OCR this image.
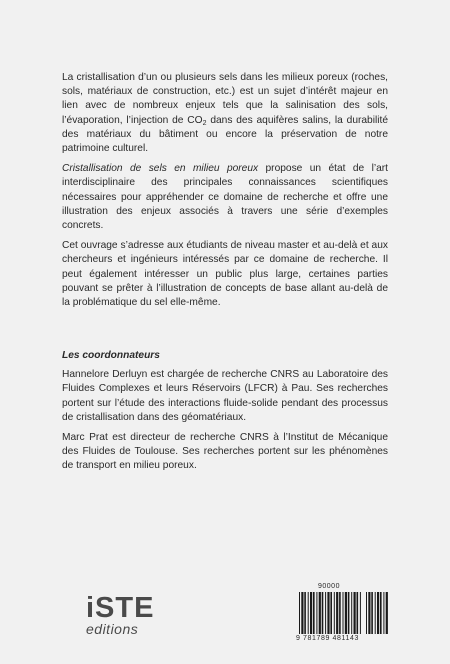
La cristallisation d’un ou plusieurs sels dans les milieux poreux (roches, sols, matériaux de construction, etc.) est un sujet d’intérêt majeur en lien avec de nombreux enjeux tels que la salinisation des sols, l’évaporation, l’injection de $CO_2$ dans des aquifères salins, la durabilité des matériaux du bâtiment ou encore la préservation de notre patrimoine culturel.

Cristallisation de sels en milieu poreux propose un état de l’art interdisciplinaire des principales connaissances scientifiques nécessaires pour appréhender ce domaine de recherche et offre une illustration des enjeux associés à travers une série d’exemples concrets.

Cet ouvrage s’adresse aux étudiants de niveau master et au-delà et aux chercheurs et ingénieurs intéressés par ce domaine de recherche. Il peut également intéresser un public plus large, certaines parties pouvant se prêter à l’illustration de concepts de base allant au-delà de la problématique du sel elle-même.

Les coordonnateurs

Hannelore Derluyn est chargée de recherche CNRS au Laboratoire des Fluides Complexes et leurs Réservoirs (LFCR) à Pau. Ses recherches portent sur l’étude des interactions fluide-solide pendant des processus de cristallisation dans des géomatériaux.

Marc Prat est directeur de recherche CNRS à l’Institut de Mécanique des Fluides de Toulouse. Ses recherches portent sur les phénomènes de transport en milieu poreux.

iSTE
editions
90000
9 781789 481143
